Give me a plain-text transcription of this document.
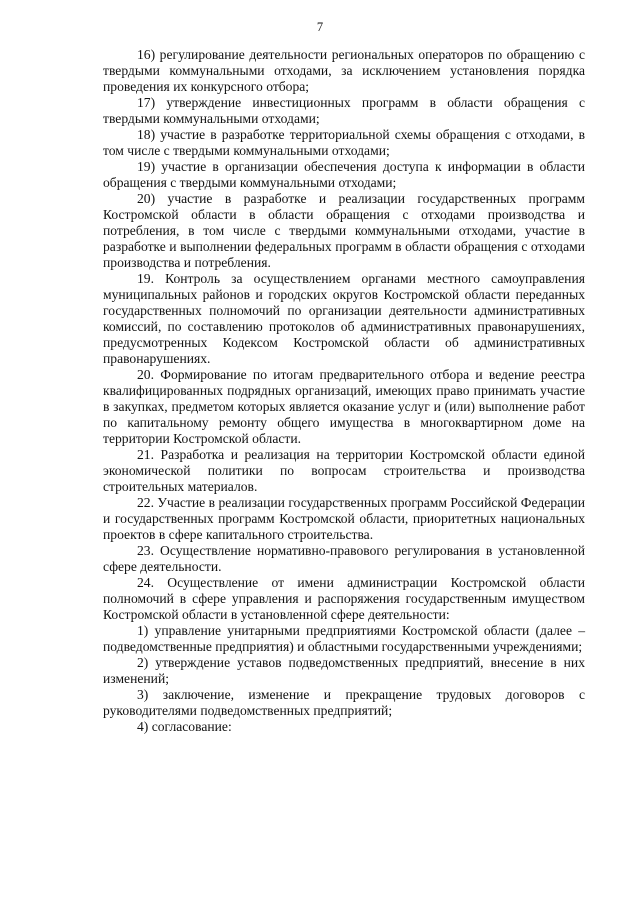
7

16) регулирование деятельности региональных операторов по обращению с твердыми коммунальными отходами, за исключением установления порядка проведения их конкурсного отбора;

17) утверждение инвестиционных программ в области обращения с твердыми коммунальными отходами;

18) участие в разработке территориальной схемы обращения с отходами, в том числе с твердыми коммунальными отходами;

19) участие в организации обеспечения доступа к информации в области обращения с твердыми коммунальными отходами;

20) участие в разработке и реализации государственных программ Костромской области в области обращения с отходами производства и потребления, в том числе с твердыми коммунальными отходами, участие в разработке и выполнении федеральных программ в области обращения с отходами производства и потребления.

19. Контроль за осуществлением органами местного самоуправления муниципальных районов и городских округов Костромской области переданных государственных полномочий по организации деятельности административных комиссий, по составлению протоколов об административных правонарушениях, предусмотренных Кодексом Костромской области об административных правонарушениях.

20. Формирование по итогам предварительного отбора и ведение реестра квалифицированных подрядных организаций, имеющих право принимать участие в закупках, предметом которых является оказание услуг и (или) выполнение работ по капитальному ремонту общего имущества в многоквартирном доме на территории Костромской области.

21. Разработка и реализация на территории Костромской области единой экономической политики по вопросам строительства и производства строительных материалов.

22. Участие в реализации государственных программ Российской Федерации и государственных программ Костромской области, приоритетных национальных проектов в сфере капитального строительства.

23. Осуществление нормативно-правового регулирования в установленной сфере деятельности.

24. Осуществление от имени администрации Костромской области полномочий в сфере управления и распоряжения государственным имуществом Костромской области в установленной сфере деятельности:

1) управление унитарными предприятиями Костромской области (далее – подведомственные предприятия) и областными государственными учреждениями;

2) утверждение уставов подведомственных предприятий, внесение в них изменений;

3) заключение, изменение и прекращение трудовых договоров с руководителями подведомственных предприятий;

4) согласование:
